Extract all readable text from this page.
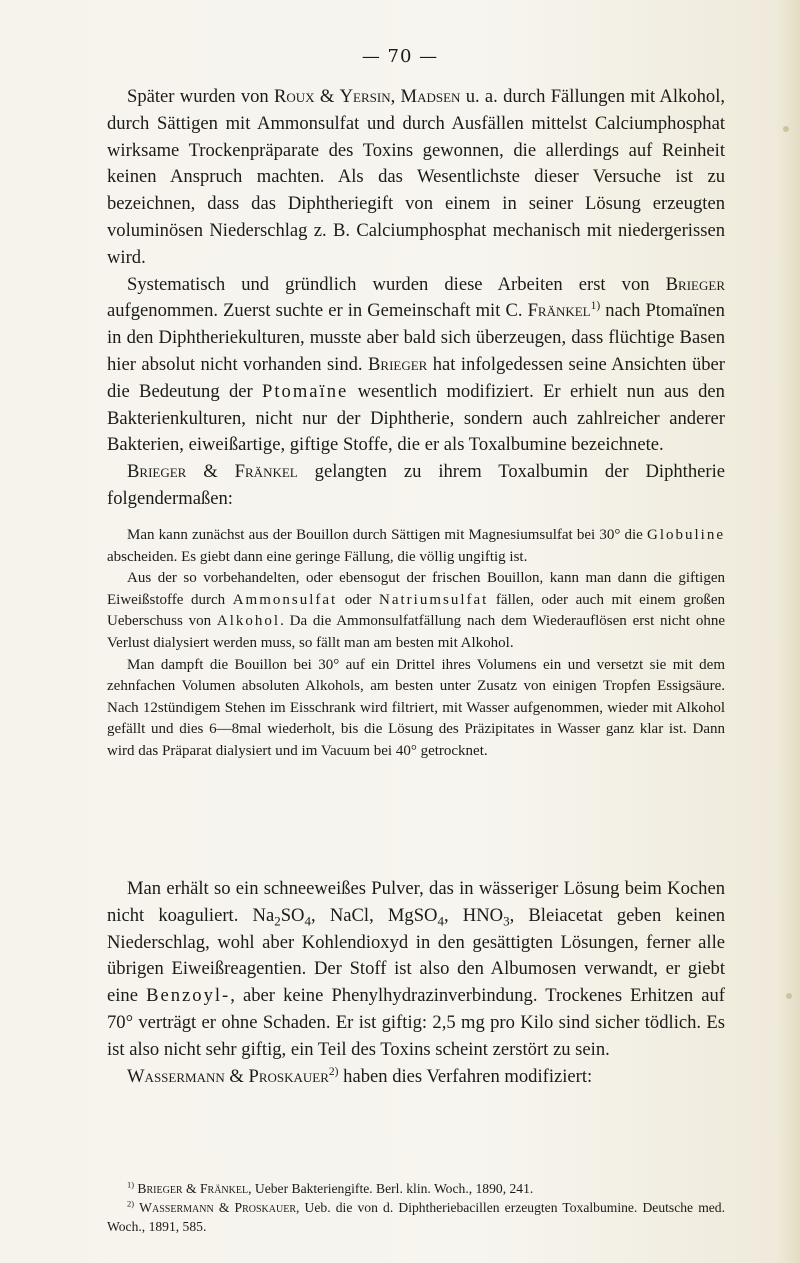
— 70 —

Später wurden von Roux & Yersin, Madsen u. a. durch Fällungen mit Alkohol, durch Sättigen mit Ammonsulfat und durch Ausfällen mittelst Calciumphosphat wirksame Trockenpräparate des Toxins gewonnen, die allerdings auf Reinheit keinen Anspruch machten. Als das Wesentlichste dieser Versuche ist zu bezeichnen, dass das Diphtheriegift von einem in seiner Lösung erzeugten voluminösen Niederschlag z. B. Calciumphosphat mechanisch mit niedergerissen wird.

Systematisch und gründlich wurden diese Arbeiten erst von Brieger aufgenommen. Zuerst suchte er in Gemeinschaft mit C. Fränkel$^{1)}$ nach Ptomaïnen in den Diphtheriekulturen, musste aber bald sich überzeugen, dass flüchtige Basen hier absolut nicht vorhanden sind. Brieger hat infolgedessen seine Ansichten über die Bedeutung der Ptomaïne wesentlich modifiziert. Er erhielt nun aus den Bakterienkulturen, nicht nur der Diphtherie, sondern auch zahlreicher anderer Bakterien, eiweißartige, giftige Stoffe, die er als Toxalbumine bezeichnete.

Brieger & Fränkel gelangten zu ihrem Toxalbumin der Diphtherie folgendermaßen:

Man kann zunächst aus der Bouillon durch Sättigen mit Magnesiumsulfat bei 30° die Globuline abscheiden. Es giebt dann eine geringe Fällung, die völlig ungiftig ist.

Aus der so vorbehandelten, oder ebensogut der frischen Bouillon, kann man dann die giftigen Eiweißstoffe durch Ammonsulfat oder Natriumsulfat fällen, oder auch mit einem großen Ueberschuss von Alkohol. Da die Ammonsulfatfällung nach dem Wiederauflösen erst nicht ohne Verlust dialysiert werden muss, so fällt man am besten mit Alkohol.

Man dampft die Bouillon bei 30° auf ein Drittel ihres Volumens ein und versetzt sie mit dem zehnfachen Volumen absoluten Alkohols, am besten unter Zusatz von einigen Tropfen Essigsäure. Nach 12stündigem Stehen im Eisschrank wird filtriert, mit Wasser aufgenommen, wieder mit Alkohol gefällt und dies 6—8mal wiederholt, bis die Lösung des Präzipitates in Wasser ganz klar ist. Dann wird das Präparat dialysiert und im Vacuum bei 40° getrocknet.

Man erhält so ein schneeweißes Pulver, das in wässeriger Lösung beim Kochen nicht koaguliert. $Na_2SO_4$, NaCl, MgSO$_4$, $HNO_3$, Bleiacetat geben keinen Niederschlag, wohl aber Kohlendioxyd in den gesättigten Lösungen, ferner alle übrigen Eiweißreagentien. Der Stoff ist also den Albumosen verwandt, er giebt eine Benzoyl-, aber keine Phenylhydrazinverbindung. Trockenes Erhitzen auf 70° verträgt er ohne Schaden. Er ist giftig: 2,5 mg pro Kilo sind sicher tödlich. Es ist also nicht sehr giftig, ein Teil des Toxins scheint zerstört zu sein.

Wassermann & Proskauer$^{2)}$ haben dies Verfahren modifiziert:

$^{1)}$ Brieger & Fränkel, Ueber Bakteriengifte. Berl. klin. Woch., 1890, 241.

$^{2)}$ Wassermann & Proskauer, Ueb. die von d. Diphtheriebacillen erzeugten Toxalbumine. Deutsche med. Woch., 1891, 585.
